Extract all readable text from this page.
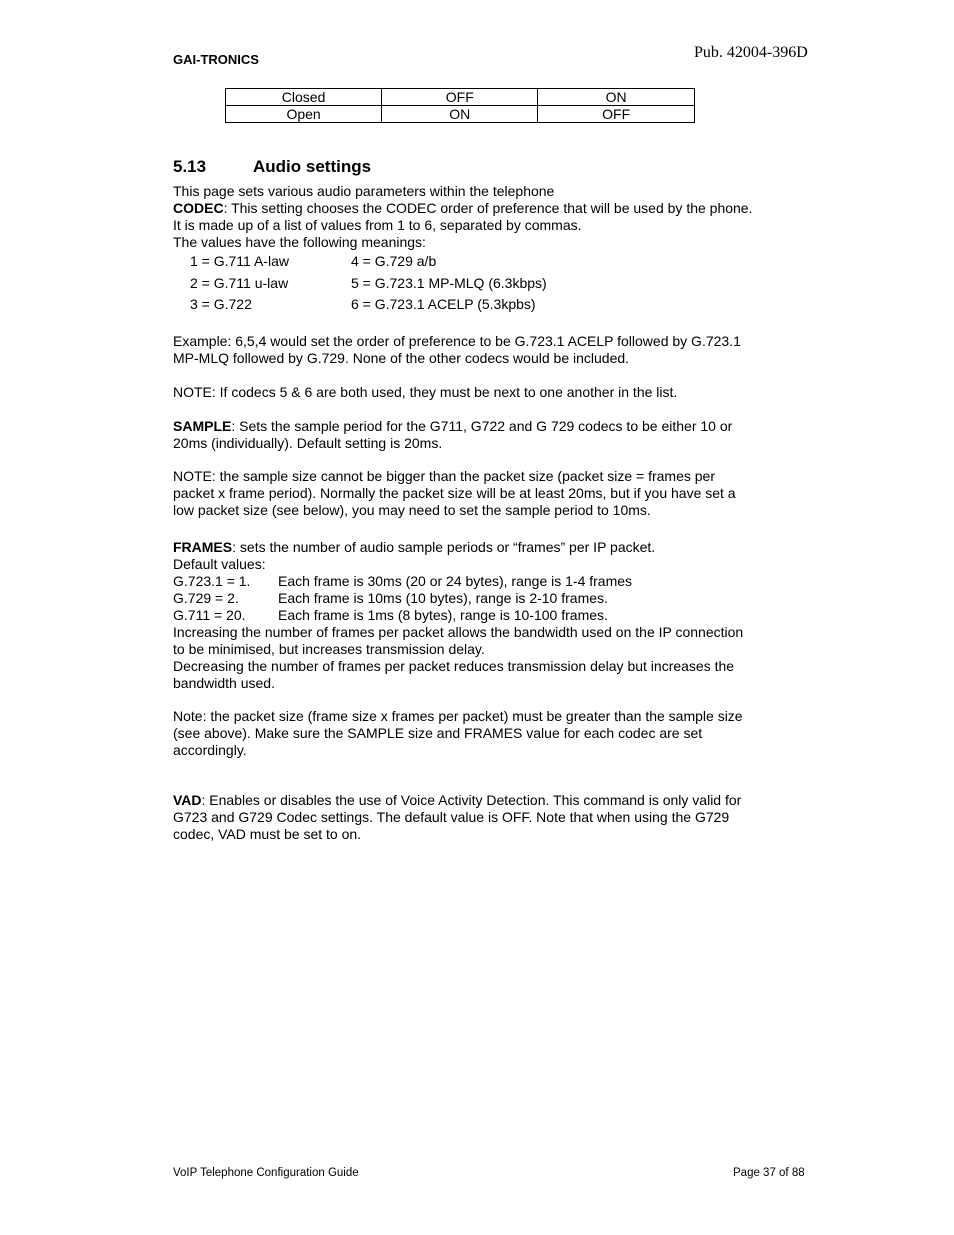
GAI-TRONICS	Pub. 42004-396D
Closed	OFF	ON
Open	ON	OFF
5.13	Audio settings

This page sets various audio parameters within the telephone

CODEC: This setting chooses the CODEC order of preference that will be used by the phone.

It is made up of a list of values from 1 to 6, separated by commas.

The values have the following meanings:

1 = G.711 A-law	4 = G.729 a/b
2 = G.711 u-law	5 = G.723.1 MP-MLQ (6.3kbps)
3 = G.722	6 = G.723.1 ACELP (5.3kpbs)

Example: 6,5,4 would set the order of preference to be G.723.1 ACELP followed by G.723.1

MP-MLQ followed by G.729. None of the other codecs would be included.

NOTE: If codecs 5 & 6 are both used, they must be next to one another in the list.

SAMPLE: Sets the sample period for the G711, G722 and G 729 codecs to be either 10 or

20ms (individually). Default setting is 20ms.

NOTE: the sample size cannot be bigger than the packet size (packet size = frames per

packet x frame period). Normally the packet size will be at least 20ms, but if you have set a

low packet size (see below), you may need to set the sample period to 10ms.

FRAMES: sets the number of audio sample periods or “frames” per IP packet.

Default values:

G.723.1 = 1. Each frame is 30ms (20 or 24 bytes), range is 1-4 frames
G.729 = 2.	Each frame is 10ms (10 bytes), range is 2-10 frames.
G.711 = 20. Each frame is 1ms (8 bytes), range is 10-100 frames.

Increasing the number of frames per packet allows the bandwidth used on the IP connection

to be minimised, but increases transmission delay.

Decreasing the number of frames per packet reduces transmission delay but increases the

bandwidth used.

Note: the packet size (frame size x frames per packet) must be greater than the sample size

(see above). Make sure the SAMPLE size and FRAMES value for each codec are set

accordingly.

VAD: Enables or disables the use of Voice Activity Detection. This command is only valid for

G723 and G729 Codec settings. The default value is OFF. Note that when using the G729

codec, VAD must be set to on.

VoIP Telephone Configuration Guide	Page 37 of 88
